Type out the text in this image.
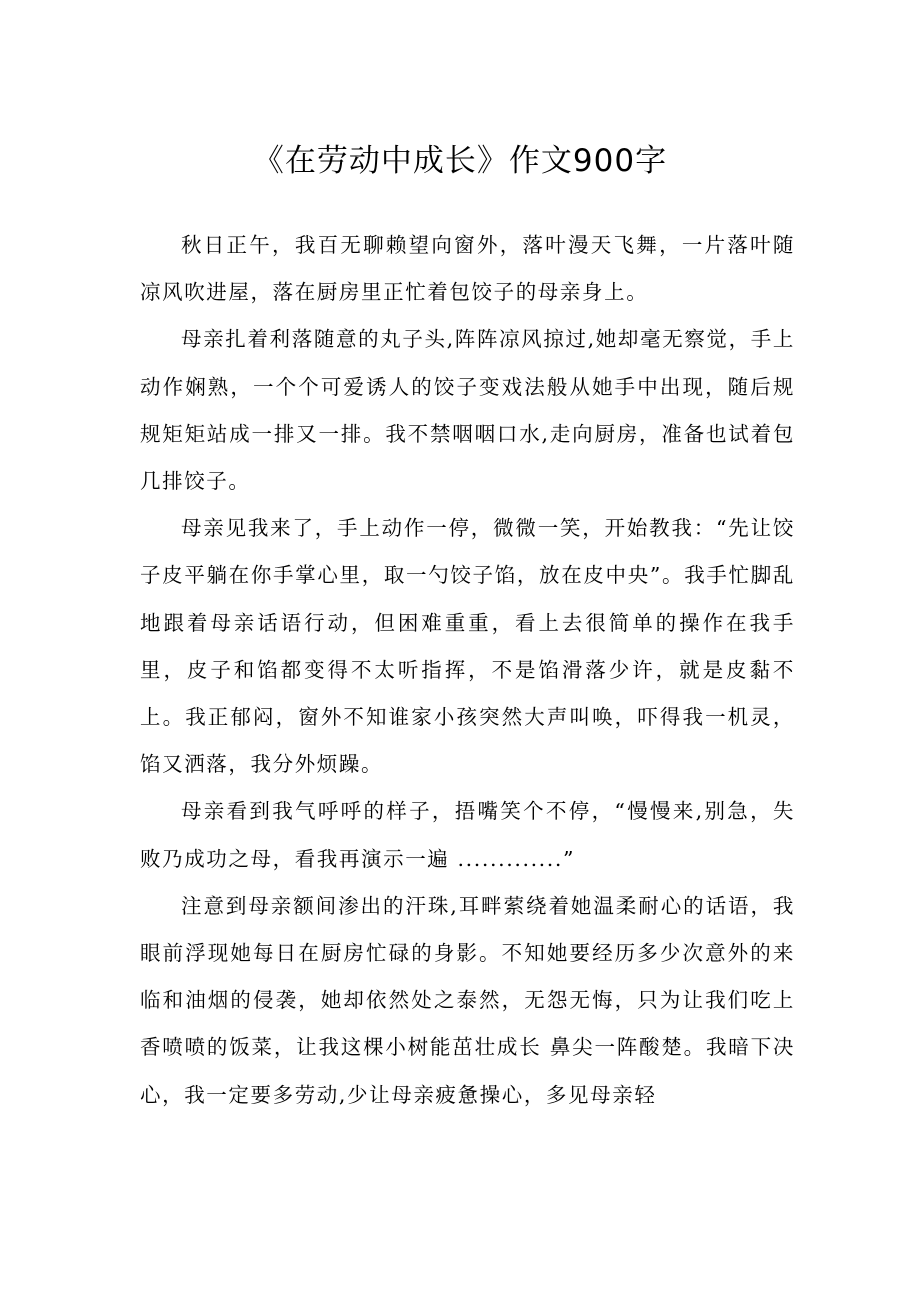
《在劳动中成长》作文900字

秋日正午，我百无聊赖望向窗外，落叶漫天飞舞，一片落叶随凉风吹进屋，落在厨房里正忙着包饺子的母亲身上。

母亲扎着利落随意的丸子头,阵阵凉风掠过,她却毫无察觉，手上动作娴熟，一个个可爱诱人的饺子变戏法般从她手中出现，随后规规矩矩站成一排又一排。我不禁咽咽口水,走向厨房，准备也试着包几排饺子。

母亲见我来了，手上动作一停，微微一笑，开始教我：“先让饺子皮平躺在你手掌心里，取一勺饺子馅，放在皮中央”。我手忙脚乱地跟着母亲话语行动，但困难重重，看上去很简单的操作在我手里，皮子和馅都变得不太听指挥，不是馅滑落少许，就是皮黏不上。我正郁闷，窗外不知谁家小孩突然大声叫唤，吓得我一机灵，馅又洒落，我分外烦躁。

母亲看到我气呼呼的样子，捂嘴笑个不停，“慢慢来,别急，失败乃成功之母，看我再演示一遍 .............”

注意到母亲额间渗出的汗珠,耳畔萦绕着她温柔耐心的话语，我眼前浮现她每日在厨房忙碌的身影。不知她要经历多少次意外的来临和油烟的侵袭，她却依然处之泰然，无怨无悔，只为让我们吃上香喷喷的饭菜，让我这棵小树能茁壮成长 鼻尖一阵酸楚。我暗下决心，我一定要多劳动,少让母亲疲惫操心，多见母亲轻
